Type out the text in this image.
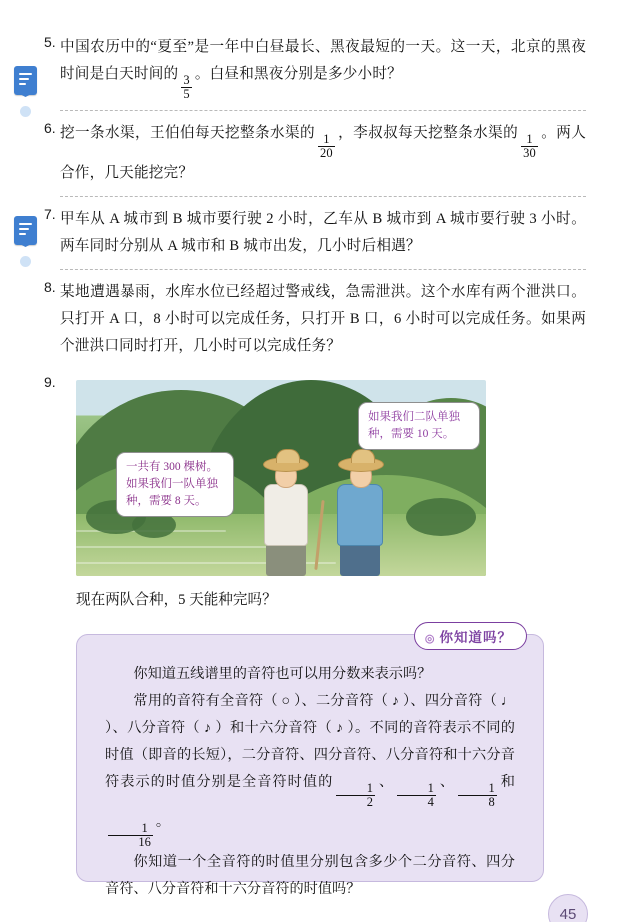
5. 中国农历中的“夏至”是一年中白昼最长、黑夜最短的一天。这一天，北京的黑夜时间是白天时间的 $\frac{3}{5}$ 。白昼和黑夜分别是多少小时？
6. 挖一条水渠，王伯伯每天挖整条水渠的 $\frac{1}{20}$ ，李叔叔每天挖整条水渠的 $\frac{1}{30}$ 。两人合作，几天能挖完？
7. 甲车从 A 城市到 B 城市要行驶 2 小时，乙车从 B 城市到 A 城市要行驶 3 小时。两车同时分别从 A 城市和 B 城市出发，几小时后相遇？
8. 某地遭遇暴雨，水库水位已经超过警戒线，急需泄洪。这个水库有两个泄洪口。只打开 A 口，8 小时可以完成任务，只打开 B 口，6 小时可以完成任务。如果两个泄洪口同时打开，几小时可以完成任务？
9.
一共有 300 棵树。如果我们一队单独种，需要 8 天。
如果我们二队单独种，需要 10 天。
现在两队合种，5 天能种完吗？
◎ 你知道吗？

你知道五线谱里的音符也可以用分数来表示吗？

常用的音符有全音符（ ○ ）、二分音符（ ♪ ）、四分音符（ ♩ ）、八分音符（ ♪ ）和十六分音符（ ♪ ）。不同的音符表示不同的时值（即音的长短），二分音符、四分音符、八分音符和十六分音符表示的时值分别是全音符时值的 $\frac{1}{2}$ 、 $\frac{1}{4}$ 、 $\frac{1}{8}$ 和
$\frac{1}{16}$ 。

你知道一个全音符的时值里分别包含多少个二分音符、四分音符、八分音符和十六分音符的时值吗？

45
